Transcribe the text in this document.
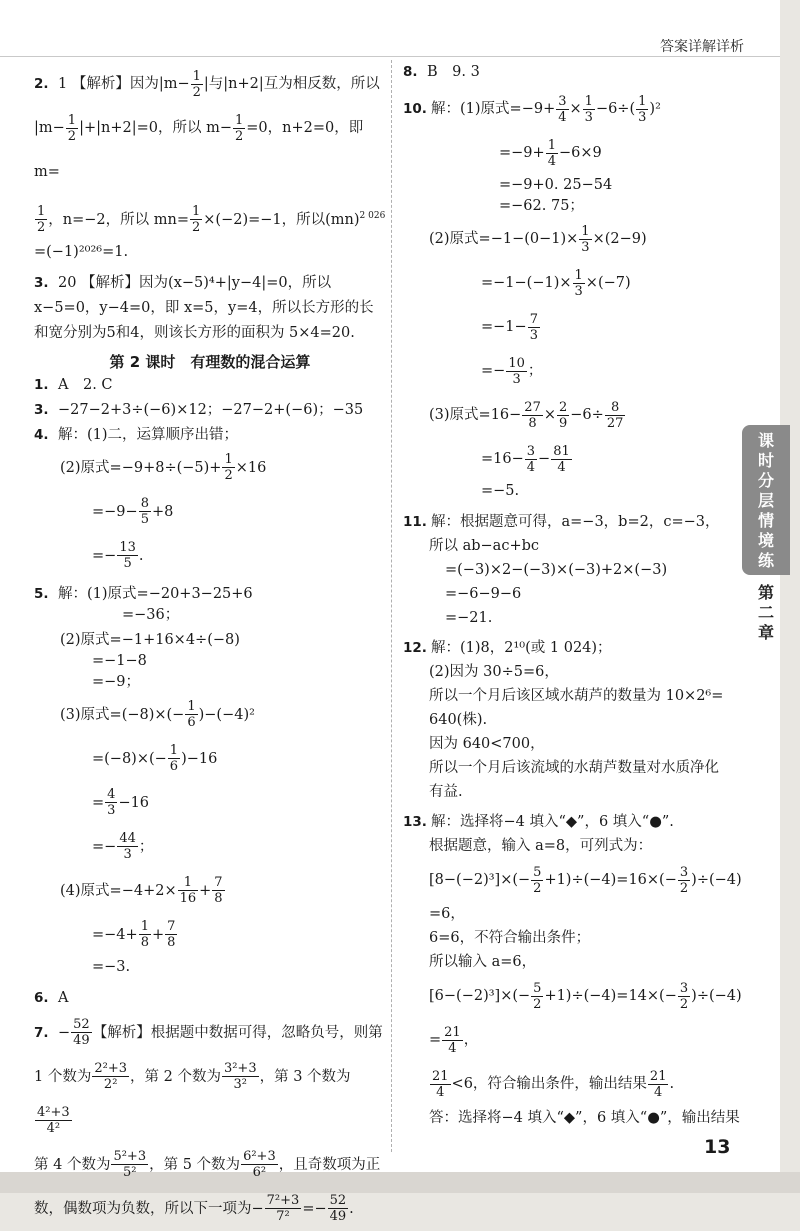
答案详解详析
2. 1 【解析】因为$|m- \frac{1}{2}$ |与|n+2|互为相反数，所以
$|m- \frac{1}{2} |+|n+2|=0$，所以 $m- \frac{1}{2} =0$，n+2=0，即 m=
$\frac{1}{2}$ ，n=−2，所以 $mn= \frac{1}{2} \times(-2)=-1$，所以(mn)$^{2 026}$
=(−1)²⁰²⁶=1.
3. 20 【解析】因为(x−5)⁴+|y−4|=0，所以 x−5=0，y−4=0，即 x=5，y=4，所以长方形的长和宽分别为5和4，则该长方形的面积为 5×4=20.
第 2 课时　有理数的混合运算
1. A　2. C
3. −27−2+3÷(−6)×12；−27−2+(−6)；−35
4. 解：(1)二，运算顺序出错；
(2)原式$=-9+8\div(-5)+ \frac{1}{2} \times 16$
$=-9- \frac{8}{5} +8$
=− $\frac{13}{5}$ .
5. 解：(1)原式=−20+3−25+6
=−36；
(2)原式=−1+16×4÷(−8)
=−1−8
=−9；
(3)原式$=(-8)\times(- \frac{1}{6} )-(-4)^2$
$=(-8)\times(- \frac{1}{6} )-16$
= $\frac{4}{3} -16$
=− $\frac{44}{3}$ ；
(4)原式$=-4+2\times \frac{1}{16} + \frac{7}{8}$
$=-4+ \frac{1}{8} + \frac{7}{8}$
=−3.
6. A
7. − $\frac{52}{49}$ 【解析】根据题中数据可得，忽略负号，则第
1 个数为 $\frac{\text{2²+3}}{\text{2²}}$ ，第 2 个数为 $\frac{\text{3²+3}}{\text{3²}}$ ，第 3 个数为
$\frac{\text{4²+3}}{\text{4²}}$
第 4 个数为 $\frac{\text{5²+3}}{\text{5²}}$ ，第 5 个数为 $\frac{\text{6²+3}}{\text{6²}}$ ，且奇数项为正
数，偶数项为负数，所以下一项为− $\frac{\text{7²+3}}{\text{7²}} =- \frac{52}{49}$ .
8. B　9. 3
10. 解：(1)原式$=-9+ \frac{3}{4} \times \frac{1}{3} -6\div( \frac{1}{3} )^2$
$=-9+ \frac{1}{4} -6\times 9$
=−9+0. 25−54
=−62. 75；
(2)原式$=-1-(0-1)\times \frac{1}{3} \times(2-9)$
$=-1-(-1)\times \frac{1}{3} \times(-7)$
$=-1- \frac{7}{3}$
=− $\frac{10}{3}$ ；
(3)原式$=16- \frac{27}{8} \times \frac{2}{9} -6\div \frac{8}{27}$
$=16- \frac{3}{4} - \frac{81}{4}$
=−5.
11. 解：根据题意可得，a=−3，b=2，c=−3，
所以 ab−ac+bc
=(−3)×2−(−3)×(−3)+2×(−3)
=−6−9−6
=−21.
12. 解：(1)8，2¹⁰(或 1 024)；
(2)因为 30÷5=6，
所以一个月后该区域水葫芦的数量为 10×2⁶=
640(株).
因为 640<700，
所以一个月后该流域的水葫芦数量对水质净化
有益.
13. 解：选择将−4 填入“◆”，6 填入“●”.
根据题意，输入 a=8，可列式为：
$[8-(-2)^3]\times(- \frac{5}{2} +1)\div(-4)=16\times(- \frac{3}{2} )\div(-4)$
=6，
6=6，不符合输出条件；
所以输入 a=6，
$[6-(-2)^3]\times(- \frac{5}{2} +1)\div(-4)=14\times(- \frac{3}{2} )\div(-4)$
= $\frac{21}{4}$ ，
$\frac{21}{4} <6$，符合输出条件，输出结果 $\frac{21}{4}$ .
答：选择将−4 填入“◆”，6 填入“●”，输出结果
课时分层情境练
第二章
13
